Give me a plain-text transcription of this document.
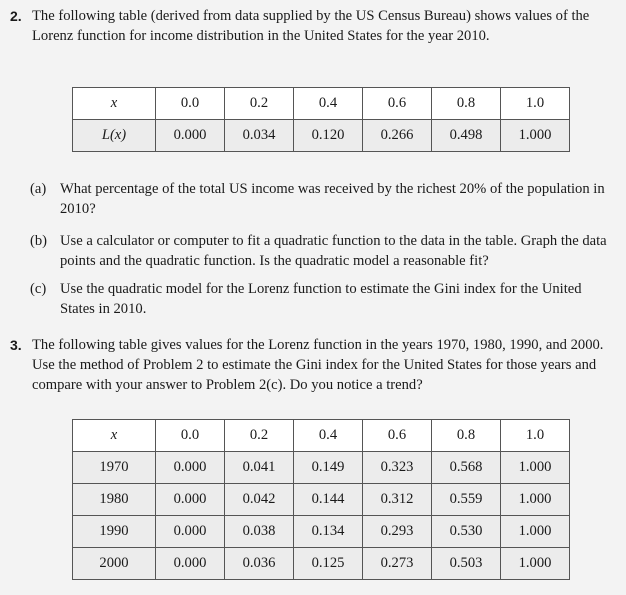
2. The following table (derived from data supplied by the US Census Bureau) shows values of the Lorenz function for income distribution in the United States for the year 2010.
x	0.0	0.2	0.4	0.6	0.8	1.0
L(x)	0.000	0.034	0.120	0.266	0.498	1.000
(a) What percentage of the total US income was received by the richest 20% of the population in 2010?
(b) Use a calculator or computer to fit a quadratic function to the data in the table. Graph the data points and the quadratic function. Is the quadratic model a reasonable fit?
(c) Use the quadratic model for the Lorenz function to estimate the Gini index for the United States in 2010.
3. The following table gives values for the Lorenz function in the years 1970, 1980, 1990, and 2000. Use the method of Problem 2 to estimate the Gini index for the United States for those years and compare with your answer to Problem 2(c). Do you notice a trend?
x	0.0	0.2	0.4	0.6	0.8	1.0
1970	0.000	0.041	0.149	0.323	0.568	1.000
1980	0.000	0.042	0.144	0.312	0.559	1.000
1990	0.000	0.038	0.134	0.293	0.530	1.000
2000	0.000	0.036	0.125	0.273	0.503	1.000
